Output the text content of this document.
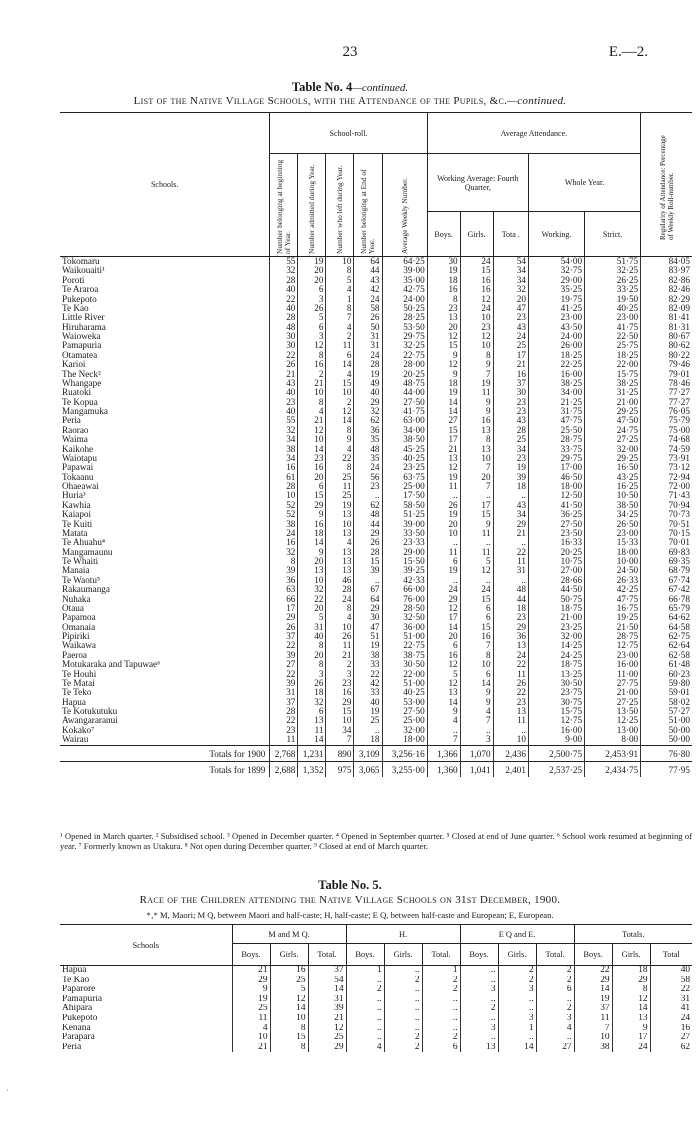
23	E.—2.
Table No. 4—continued.
List of the Native Village Schools, with the Attendance of the Pupils, &c.—continued.
Schools.	School-roll.					Average Attendance.					Regularity of Attendance: Percentage of Weekly Roll-number.
	Number belonging at beginning of Year.	Number admitted during Year.	Number who left during Year.	Number belonging at End of Year.	Average Weekly Number.	Working Average: Fourth Quarter,			Whole Year.		
						Boys.	Girls.	Tota .	Working.	Strict.	
Tokomaru	55	19	10	64	64·25	30	24	54	54·00	51·75	84·05
Waikouaiti¹	32	20	8	44	39·00	19	15	34	32·75	32·25	83·97
Poroti	28	20	5	43	35·00	18	16	34	29·00	26·25	82·86
Te Araroa	40	6	4	42	42·75	16	16	32	35·25	33·25	82·46
Pukepoto	22	3	1	24	24·00	8	12	20	19·75	19·50	82·29
Te Kao	40	26	8	58	50·25	23	24	47	41·25	40·25	82·09
Little River	28	5	7	26	28·25	13	10	23	23·00	23·00	81·41
Hiruharama	48	6	4	50	53·50	20	23	43	43·50	41·75	81·31
Waioweka	30	3	2	31	29·75	12	12	24	24·00	22·50	80·67
Pamapuria	30	12	11	31	32·25	15	10	25	26·00	25·75	80·62
Otamatea	22	8	6	24	22·75	9	8	17	18·25	18·25	80·22
Karioi	26	16	14	28	28·00	12	9	21	22·25	22·00	79·46
The Neck²	21	2	4	19	20·25	9	7	16	16·00	15·75	79·01
Whangape	43	21	15	49	48·75	18	19	37	38·25	38·25	78·46
Ruatoki	40	10	10	40	44·00	19	11	30	34·00	31·25	77·27
Te Kopua	23	8	2	29	27·50	14	9	23	21·25	21·00	77·27
Mangamuka	40	4	12	32	41·75	14	9	23	31·75	29·25	76·05
Peria	55	21	14	62	63·00	27	16	43	47·75	47·50	75·79
Raorao	32	12	8	36	34·00	15	13	28	25·50	24·75	75·00
Waima	34	10	9	35	38·50	17	8	25	28·75	27·25	74·68
Kaikohe	38	14	4	48	45·25	21	13	34	33·75	32·00	74·59
Waiotapu	34	23	22	35	40·25	13	10	23	29·75	29·25	73·91
Papawai	16	16	8	24	23·25	12	7	19	17·00	16·50	73·12
Tokaanu	61	20	25	56	63·75	19	20	39	46·50	43·25	72·94
Ohaeawai	28	6	11	23	25·00	11	7	18	18·00	16·25	72·00
Huria³	10	15	25	..	17·50	..	..	..	12·50	10·50	71·43
Kawhia	52	29	19	62	58·50	26	17	43	41·50	38·50	70·94
Kaiapoi	52	9	13	48	51·25	19	15	34	36·25	34·25	70·73
Te Kuiti	38	16	10	44	39·00	20	9	29	27·50	26·50	70·51
Matata	24	18	13	29	33·50	10	11	21	23·50	23·00	70·15
Te Ahuahu⁴	16	14	4	26	23·33	..	..	..	16·33	15·33	70·01
Mangamaunu	32	9	13	28	29·00	11	11	22	20·25	18·00	69·83
Te Whaiti	8	20	13	15	15·50	6	5	11	10·75	10·00	69·35
Manaia	39	13	13	39	39·25	19	12	31	27·00	24·50	68·79
Te Waotu⁵	36	10	46	..	42·33	..	..	..	28·66	26·33	67·74
Rakaumanga	63	32	28	67	66·00	24	24	48	44·50	42·25	67·42
Nuhaka	66	22	24	64	76·00	29	15	44	50·75	47·75	66·78
Otaua	17	20	8	29	28·50	12	6	18	18·75	16·75	65·79
Papamoa	29	5	4	30	32·50	17	6	23	21·00	19·25	64·62
Omanaia	26	31	10	47	36·00	14	15	29	23·25	21·50	64·58
Pipiriki	37	40	26	51	51·00	20	16	36	32·00	28·75	62·75
Waikawa	22	8	11	19	22·75	6	7	13	14·25	12·75	62·64
Paeroa	39	20	21	38	38·75	16	8	24	24·25	23·00	62·58
Motukaraka and Tapuwae⁶	27	8	2	33	30·50	12	10	22	18·75	16·00	61·48
Te Houhi	22	3	3	22	22·00	5	6	11	13·25	11·00	60·23
Te Matai	39	26	23	42	51·00	12	14	26	30·50	27·75	59·80
Te Teko	31	18	16	33	40·25	13	9	22	23·75	21·00	59·01
Hapua	37	32	29	40	53·00	14	9	23	30·75	27·25	58·02
Te Kotukutuku	28	6	15	19	27·50	9	4	13	15·75	13·50	57·27
Awangararanui	22	13	10	25	25·00	4	7	11	12·75	12·25	51·00
Kokako⁷	23	11	34	..	32·00	..	..	..	16·00	13·00	50·00
Wairau	11	14	7	18	18·00	7	3	10	9·00	8·00	50·00
Totals for 1900	2,768	1,231	890	3,109	3,256·16	1,366	1,070	2,436	2,500·75	2,453·91	76·80
Totals for 1899	2,688	1,352	975	3,065	3,255·00	1,360	1,041	2,401	2,537·25	2,434·75	77·95
¹ Opened in March quarter. ² Subsidised school. ³ Opened in December quarter. ⁴ Opened in September quarter. ⁵ Closed at end of June quarter. ⁶ School work resumed at beginning of year. ⁷ Formerly known as Utakura. ⁸ Not open during December quarter. ⁹ Closed at end of March quarter.
Table No. 5.
Race of the Children attending the Native Village Schools on 31st December, 1900.
*‚* M, Maori; M Q, between Maori and half-caste; H, half-caste; E Q, between half-caste and European; E, European.
Schools	M and M Q.			H.			E Q and E.			Totals.		
	Boys.	Girls.	Total.	Boys.	Girls.	Total.	Boys.	Girls.	Total.	Boys.	Girls.	Total
Hapua	21	16	37	1	..	1	..	2	2	22	18	40
Te Kao	29	25	54	..	2	2	..	2	2	29	29	58
Paparore	9	5	14	2	..	2	3	3	6	14	8	22
Pamapuria	19	12	31	..	..	..	..	..	..	19	12	31
Ahipara	25	14	39	..	..	..	2	..	2	37	14	41
Pukepoto	11	10	21	..	..	..	..	3	3	11	13	24
Kenana	4	8	12	..	..	..	3	1	4	7	9	16
Parapara	10	15	25	..	2	2	..	..	..	10	17	27
Peria	21	8	29	4	2	6	13	14	27	38	24	62
·
